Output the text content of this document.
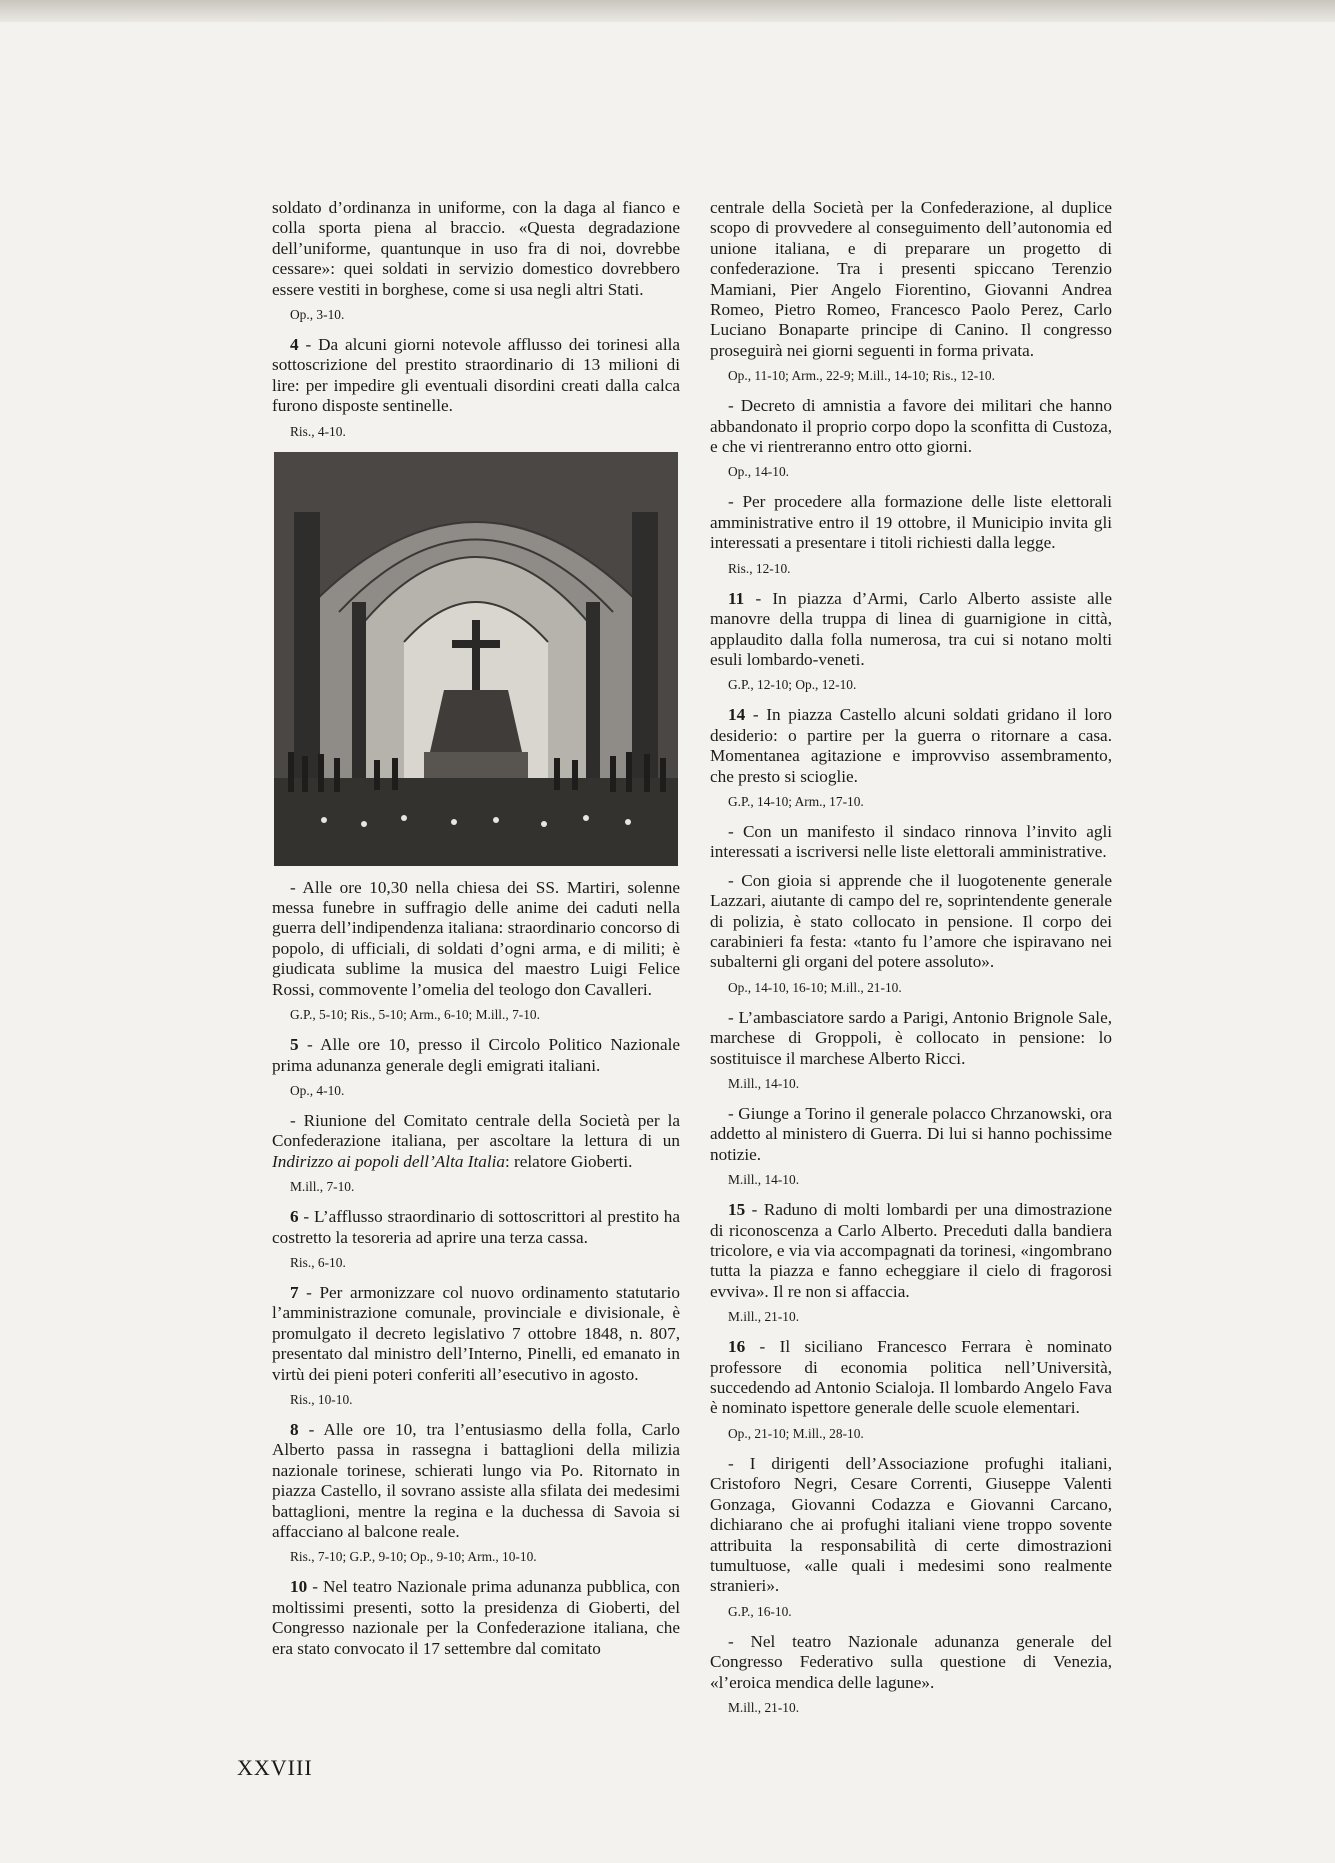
soldato d’ordinanza in uniforme, con la daga al fianco e colla sporta piena al braccio. «Questa degradazione dell’uniforme, quantunque in uso fra di noi, dovrebbe cessare»: quei soldati in servizio domestico dovrebbero essere vestiti in borghese, come si usa negli altri Stati.

Op., 3-10.

4 - Da alcuni giorni notevole afflusso dei torinesi alla sottoscrizione del prestito straordinario di 13 milioni di lire: per impedire gli eventuali disordini creati dalla calca furono disposte sentinelle.

Ris., 4-10.

- Alle ore 10,30 nella chiesa dei SS. Martiri, solenne messa funebre in suffragio delle anime dei caduti nella guerra dell’indipendenza italiana: straordinario concorso di popolo, di ufficiali, di soldati d’ogni arma, e di militi; è giudicata sublime la musica del maestro Luigi Felice Rossi, commovente l’omelia del teologo don Cavalleri.

G.P., 5-10; Ris., 5-10; Arm., 6-10; M.ill., 7-10.

5 - Alle ore 10, presso il Circolo Politico Nazionale prima adunanza generale degli emigrati italiani.

Op., 4-10.

- Riunione del Comitato centrale della Società per la Confederazione italiana, per ascoltare la lettura di un Indirizzo ai popoli dell’Alta Italia: relatore Gioberti.

M.ill., 7-10.

6 - L’afflusso straordinario di sottoscrittori al prestito ha costretto la tesoreria ad aprire una terza cassa.

Ris., 6-10.

7 - Per armonizzare col nuovo ordinamento statutario l’amministrazione comunale, provinciale e divisionale, è promulgato il decreto legislativo 7 ottobre 1848, n. 807, presentato dal ministro dell’Interno, Pinelli, ed emanato in virtù dei pieni poteri conferiti all’esecutivo in agosto.

Ris., 10-10.

8 - Alle ore 10, tra l’entusiasmo della folla, Carlo Alberto passa in rassegna i battaglioni della milizia nazionale torinese, schierati lungo via Po. Ritornato in piazza Castello, il sovrano assiste alla sfilata dei medesimi battaglioni, mentre la regina e la duchessa di Savoia si affacciano al balcone reale.

Ris., 7-10; G.P., 9-10; Op., 9-10; Arm., 10-10.

10 - Nel teatro Nazionale prima adunanza pubblica, con moltissimi presenti, sotto la presidenza di Gioberti, del Congresso nazionale per la Confederazione italiana, che era stato convocato il 17 settembre dal comitato

centrale della Società per la Confederazione, al duplice scopo di provvedere al conseguimento dell’autonomia ed unione italiana, e di preparare un progetto di confederazione. Tra i presenti spiccano Terenzio Mamiani, Pier Angelo Fiorentino, Giovanni Andrea Romeo, Pietro Romeo, Francesco Paolo Perez, Carlo Luciano Bonaparte principe di Canino. Il congresso proseguirà nei giorni seguenti in forma privata.

Op., 11-10; Arm., 22-9; M.ill., 14-10; Ris., 12-10.

- Decreto di amnistia a favore dei militari che hanno abbandonato il proprio corpo dopo la sconfitta di Custoza, e che vi rientreranno entro otto giorni.

Op., 14-10.

- Per procedere alla formazione delle liste elettorali amministrative entro il 19 ottobre, il Municipio invita gli interessati a presentare i titoli richiesti dalla legge.

Ris., 12-10.

11 - In piazza d’Armi, Carlo Alberto assiste alle manovre della truppa di linea di guarnigione in città, applaudito dalla folla numerosa, tra cui si notano molti esuli lombardo-veneti.

G.P., 12-10; Op., 12-10.

14 - In piazza Castello alcuni soldati gridano il loro desiderio: o partire per la guerra o ritornare a casa. Momentanea agitazione e improvviso assembramento, che presto si scioglie.

G.P., 14-10; Arm., 17-10.

- Con un manifesto il sindaco rinnova l’invito agli interessati a iscriversi nelle liste elettorali amministrative.

- Con gioia si apprende che il luogotenente generale Lazzari, aiutante di campo del re, soprintendente generale di polizia, è stato collocato in pensione. Il corpo dei carabinieri fa festa: «tanto fu l’amore che ispiravano nei subalterni gli organi del potere assoluto».

Op., 14-10, 16-10; M.ill., 21-10.

- L’ambasciatore sardo a Parigi, Antonio Brignole Sale, marchese di Groppoli, è collocato in pensione: lo sostituisce il marchese Alberto Ricci.

M.ill., 14-10.

- Giunge a Torino il generale polacco Chrzanowski, ora addetto al ministero di Guerra. Di lui si hanno pochissime notizie.

M.ill., 14-10.

15 - Raduno di molti lombardi per una dimostrazione di riconoscenza a Carlo Alberto. Preceduti dalla bandiera tricolore, e via via accompagnati da torinesi, «ingombrano tutta la piazza e fanno echeggiare il cielo di fragorosi evviva». Il re non si affaccia.

M.ill., 21-10.

16 - Il siciliano Francesco Ferrara è nominato professore di economia politica nell’Università, succedendo ad Antonio Scialoja. Il lombardo Angelo Fava è nominato ispettore generale delle scuole elementari.

Op., 21-10; M.ill., 28-10.

- I dirigenti dell’Associazione profughi italiani, Cristoforo Negri, Cesare Correnti, Giuseppe Valenti Gonzaga, Giovanni Codazza e Giovanni Carcano, dichiarano che ai profughi italiani viene troppo sovente attribuita la responsabilità di certe dimostrazioni tumultuose, «alle quali i medesimi sono realmente stranieri».

G.P., 16-10.

- Nel teatro Nazionale adunanza generale del Congresso Federativo sulla questione di Venezia, «l’eroica mendica delle lagune».

M.ill., 21-10.
XXVIII
